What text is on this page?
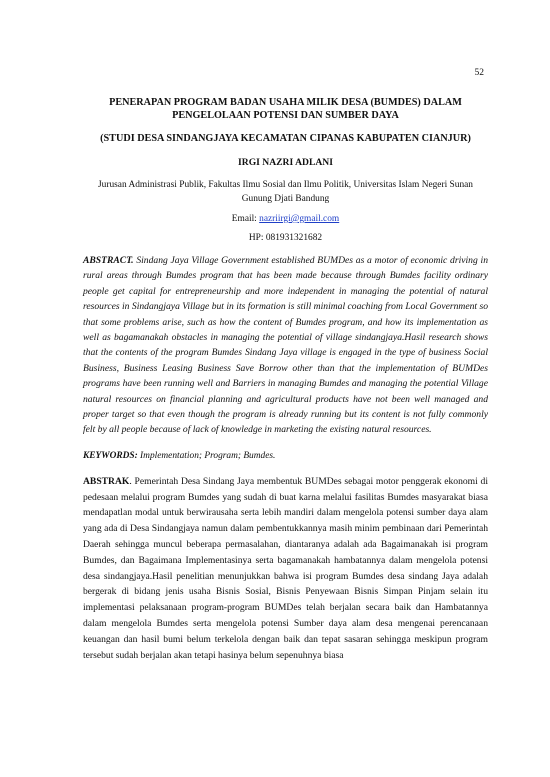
52
PENERAPAN PROGRAM BADAN USAHA MILIK DESA (BUMDES) DALAM PENGELOLAAN POTENSI DAN SUMBER DAYA
(STUDI DESA SINDANGJAYA KECAMATAN CIPANAS KABUPATEN CIANJUR)
IRGI NAZRI ADLANI
Jurusan Administrasi Publik, Fakultas Ilmu Sosial dan Ilmu Politik, Universitas Islam Negeri Sunan Gunung Djati Bandung
Email: nazriirgi@gmail.com
HP: 081931321682

ABSTRACT. Sindang Jaya Village Government established BUMDes as a motor of economic driving in rural areas through Bumdes program that has been made because through Bumdes facility ordinary people get capital for entrepreneurship and more independent in managing the potential of natural resources in Sindangjaya Village but in its formation is still minimal coaching from Local Government so that some problems arise, such as how the content of Bumdes program, and how its implementation as well as bagamanakah obstacles in managing the potential of village sindangjaya.Hasil research shows that the contents of the program Bumdes Sindang Jaya village is engaged in the type of business Social Business, Business Leasing Business Save Borrow other than that the implementation of BUMDes programs have been running well and Barriers in managing Bumdes and managing the potential Village natural resources on financial planning and agricultural products have not been well managed and proper target so that even though the program is already running but its content is not fully commonly felt by all people because of lack of knowledge in marketing the existing natural resources.

KEYWORDS: Implementation; Program; Bumdes.

ABSTRAK. Pemerintah Desa Sindang Jaya membentuk BUMDes sebagai motor penggerak ekonomi di pedesaan melalui program Bumdes yang sudah di buat karna melalui fasilitas Bumdes masyarakat biasa mendapatlan modal untuk berwirausaha serta lebih mandiri dalam mengelola potensi sumber daya alam yang ada di Desa Sindangjaya namun dalam pembentukkannya masih minim pembinaan dari Pemerintah Daerah sehingga muncul beberapa permasalahan, diantaranya adalah ada Bagaimanakah isi program Bumdes, dan Bagaimana Implementasinya serta bagamanakah hambatannya dalam mengelola potensi desa sindangjaya.Hasil penelitian menunjukkan bahwa isi program Bumdes desa sindang Jaya adalah bergerak di bidang jenis usaha Bisnis Sosial, Bisnis Penyewaan Bisnis Simpan Pinjam selain itu implementasi pelaksanaan program-program BUMDes telah berjalan secara baik dan Hambatannya dalam mengelola Bumdes serta mengelola potensi Sumber daya alam desa mengenai perencanaan keuangan dan hasil bumi belum terkelola dengan baik dan tepat sasaran sehingga meskipun program tersebut sudah berjalan akan tetapi hasinya belum sepenuhnya biasa
